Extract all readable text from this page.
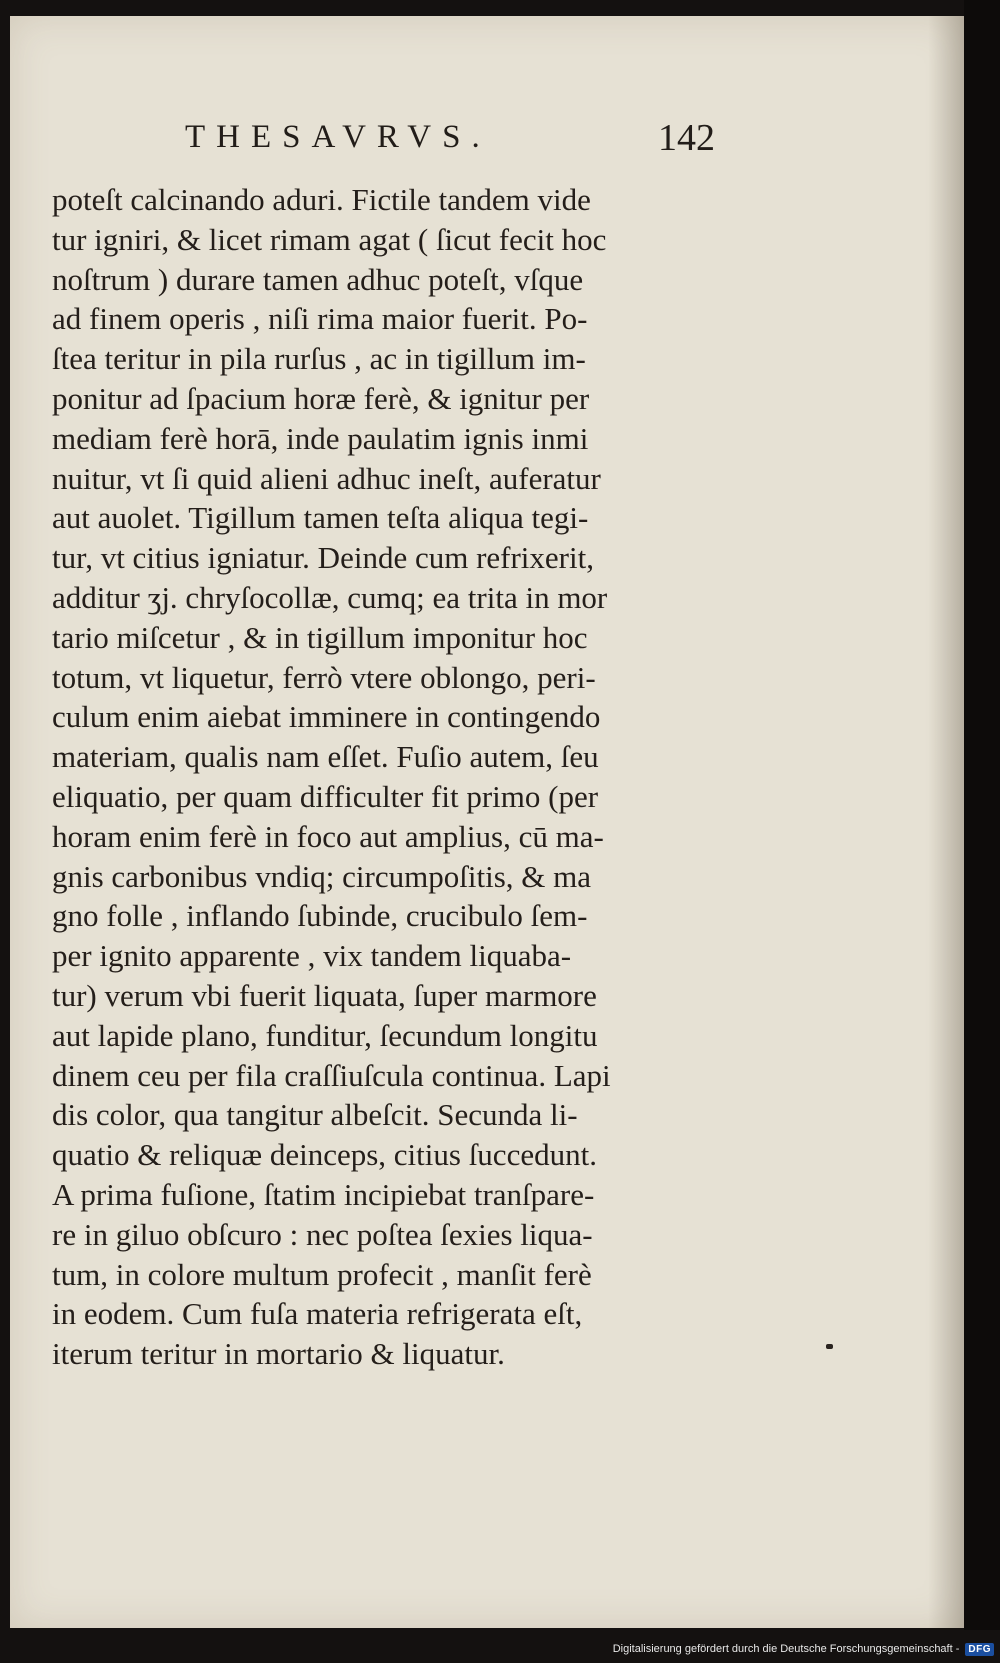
THESAVRVS.	142
poteſt calcinando aduri. Fictile tandem vide
tur igniri, & licet rimam agat ( ſicut fecit hoc
noſtrum ) durare tamen adhuc poteſt, vſque
ad finem operis , niſi rima maior fuerit. Po-
ſtea teritur in pila rurſus , ac in tigillum im-
ponitur ad ſpacium horæ ferè, & ignitur per
mediam ferè horā, inde paulatim ignis inmi
nuitur, vt ſi quid alieni adhuc ineſt, auferatur
aut auolet. Tigillum tamen teſta aliqua tegi-
tur, vt citius igniatur. Deinde cum refrixerit,
additur ʒj. chryſocollæ, cumq; ea trita in mor
tario miſcetur , & in tigillum imponitur hoc
totum, vt liquetur, ferrò vtere oblongo, peri-
culum enim aiebat imminere in contingendo
materiam, qualis nam eſſet. Fuſio autem, ſeu
eliquatio, per quam difficulter fit primo (per
horam enim ferè in foco aut amplius, cū ma-
gnis carbonibus vndiq; circumpoſitis, & ma
gno folle , inflando ſubinde, crucibulo ſem-
per ignito apparente , vix tandem liquaba-
tur) verum vbi fuerit liquata, ſuper marmore
aut lapide plano, funditur, ſecundum longitu
dinem ceu per fila craſſiuſcula continua. Lapi
dis color, qua tangitur albeſcit. Secunda li-
quatio & reliquæ deinceps, citius ſuccedunt.
A prima fuſione, ſtatim incipiebat tranſpare-
re in giluo obſcuro : nec poſtea ſexies liqua-
tum, in colore multum profecit , manſit ferè
in eodem. Cum fuſa materia refrigerata eſt,
iterum teritur in mortario & liquatur.
Digitalisierung gefördert durch die Deutsche Forschungsgemeinschaft - DFG
